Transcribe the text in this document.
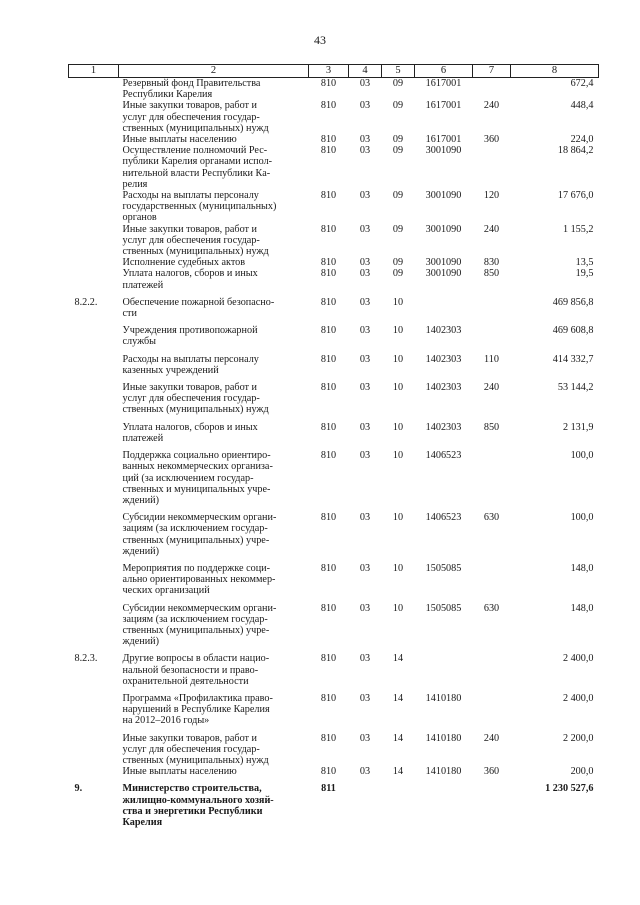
43
1	2	3	4	5	6	7	8

	Резервный фонд Правительства
Республики Карелия	810	03	09	1617001		672,4

	Иные закупки товаров, работ и
услуг для обеспечения государ-
ственных (муниципальных) нужд	810	03	09	1617001	240	448,4

	Иные выплаты населению	810	03	09	1617001	360	224,0

	Осуществление полномочий Рес-
публики Карелия органами испол-
нительной власти Республики Ка-
релия	810	03	09	3001090		18 864,2

	Расходы на выплаты персоналу
государственных (муниципальных)
органов	810	03	09	3001090	120	17 676,0

	Иные закупки товаров, работ и
услуг для обеспечения государ-
ственных (муниципальных) нужд	810	03	09	3001090	240	1 155,2

	Исполнение судебных актов	810	03	09	3001090	830	13,5

	Уплата налогов, сборов и иных
платежей	810	03	09	3001090	850	19,5
8.2.2.	Обеспечение пожарной безопасно-
сти	810	03	10			469 856,8

	Учреждения противопожарной
службы	810	03	10	1402303		469 608,8

	Расходы на выплаты персоналу
казенных учреждений	810	03	10	1402303	110	414 332,7

	Иные закупки товаров, работ и
услуг для обеспечения государ-
ственных (муниципальных) нужд	810	03	10	1402303	240	53 144,2

	Уплата налогов, сборов и иных
платежей	810	03	10	1402303	850	2 131,9

	Поддержка социально ориентиро-
ванных некоммерческих организа-
ций (за исключением государ-
ственных и муниципальных учре-
ждений)	810	03	10	1406523		100,0

	Субсидии некоммерческим органи-
зациям (за исключением государ-
ственных (муниципальных) учре-
ждений)	810	03	10	1406523	630	100,0

	Мероприятия по поддержке соци-
ально ориентированных некоммер-
ческих организаций	810	03	10	1505085		148,0

	Субсидии некоммерческим органи-
зациям (за исключением государ-
ственных (муниципальных) учре-
ждений)	810	03	10	1505085	630	148,0
8.2.3.	Другие вопросы в области нацио-
нальной безопасности и право-
охранительной деятельности	810	03	14			2 400,0

	Программа «Профилактика право-
нарушений в Республике Карелия
на 2012–2016 годы»	810	03	14	1410180		2 400,0

	Иные закупки товаров, работ и
услуг для обеспечения государ-
ственных (муниципальных) нужд	810	03	14	1410180	240	2 200,0

	Иные выплаты населению	810	03	14	1410180	360	200,0
9.	Министерство строительства,
жилищно-коммунального хозяй-
ства и энергетики Республики
Карелия	811					1 230 527,6
